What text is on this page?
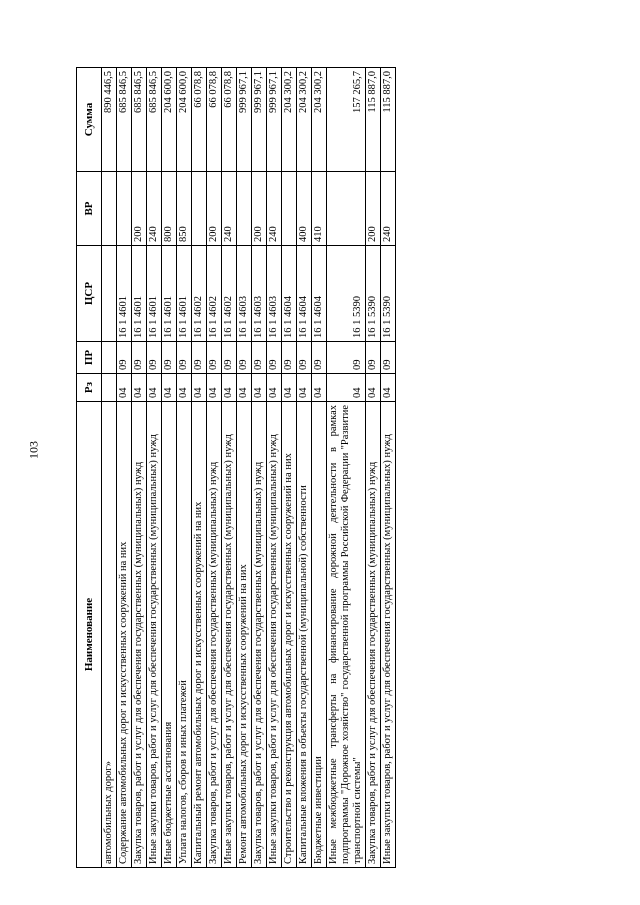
103
Наименование	Рз	ПР	ЦСР	ВР	Сумма
автомобильных дорог»					890 446,5
Содержание автомобильных дорог и искусственных сооружений на них	04	09	16 1 4601		685 846,5
Закупка товаров, работ и услуг для обеспечения государственных (муниципальных) нужд	04	09	16 1 4601	200	685 846,5
Иные закупки товаров, работ и услуг для обеспечения государственных (муниципальных) нужд	04	09	16 1 4601	240	685 846,5
Иные бюджетные ассигнования	04	09	16 1 4601	800	204 600,0
Уплата налогов, сборов и иных платежей	04	09	16 1 4601	850	204 600,0
Капитальный ремонт автомобильных дорог и искусственных сооружений на них	04	09	16 1 4602		66 078,8
Закупка товаров, работ и услуг для обеспечения государственных (муниципальных) нужд	04	09	16 1 4602	200	66 078,8
Иные закупки товаров, работ и услуг для обеспечения государственных (муниципальных) нужд	04	09	16 1 4602	240	66 078,8
Ремонт автомобильных дорог и искусственных сооружений на них	04	09	16 1 4603		999 967,1
Закупка товаров, работ и услуг для обеспечения государственных (муниципальных) нужд	04	09	16 1 4603	200	999 967,1
Иные закупки товаров, работ и услуг для обеспечения государственных (муниципальных) нужд	04	09	16 1 4603	240	999 967,1
Строительство и реконструкция автомобильных дорог и искусственных сооружений на них	04	09	16 1 4604		204 300,2
Капитальные вложения в объекты государственной (муниципальной) собственности	04	09	16 1 4604	400	204 300,2
Бюджетные инвестиции	04	09	16 1 4604	410	204 300,2
Иные межбюджетные трансферты на финансирование дорожной деятельности в рамках подпрограммы "Дорожное хозяйство" государственной программы Российской Федерации "Развитие транспортной системы"	04	09	16 1 5390		157 265,7
Закупка товаров, работ и услуг для обеспечения государственных (муниципальных) нужд	04	09	16 1 5390	200	115 887,0
Иные закупки товаров, работ и услуг для обеспечения государственных (муниципальных) нужд	04	09	16 1 5390	240	115 887,0
